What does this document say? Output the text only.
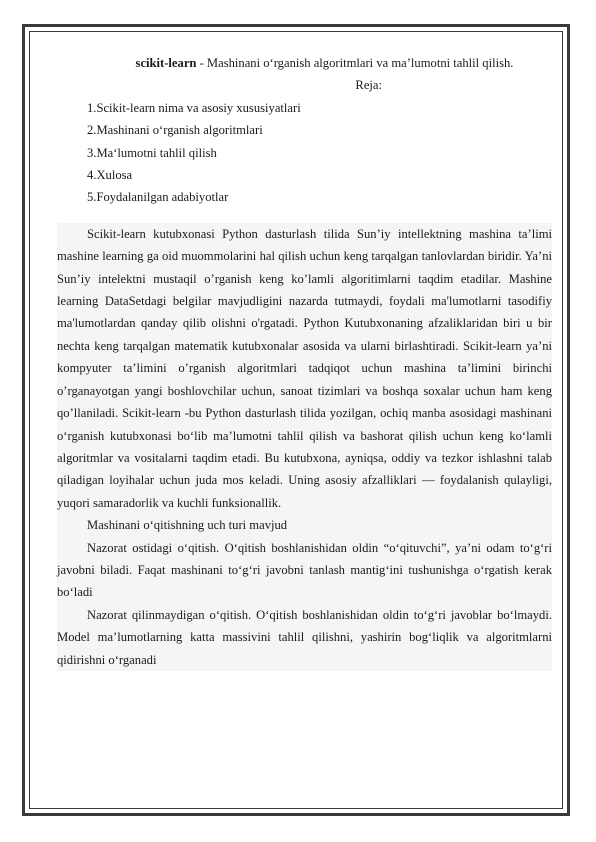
scikit-learn - Mashinani o‘rganish algoritmlari va ma’lumotni tahlil qilish.

Reja:

1.Scikit-learn nima va asosiy xususiyatlari

2.Mashinani o‘rganish algoritmlari

3.Ma‘lumotni tahlil qilish

4.Xulosa

5.Foydalanilgan adabiyotlar

Scikit-learn kutubxonasi Python dasturlash tilida Sun’iy intellektning mashina ta’limi mashine learning ga oid muommolarini hal qilish uchun keng tarqalgan tanlovlardan biridir. Ya’ni Sun’iy intelektni mustaqil o’rganish keng ko’lamli algoritimlarni taqdim etadilar. Mashine learning DataSetdagi belgilar mavjudligini nazarda tutmaydi, foydali ma'lumotlarni tasodifiy ma'lumotlardan qanday qilib olishni o'rgatadi. Python Kutubxonaning afzaliklaridan biri u bir nechta keng tarqalgan matematik kutubxonalar asosida va ularni birlashtiradi. Scikit-learn ya’ni kompyuter ta’limini o’rganish algoritmlari tadqiqot uchun mashina ta’limini birinchi o’rganayotgan yangi boshlovchilar uchun, sanoat tizimlari va boshqa soxalar uchun ham keng qo’llaniladi. Scikit-learn -bu Python dasturlash tilida yozilgan, ochiq manba asosidagi mashinani o‘rganish kutubxonasi bo‘lib ma’lumotni tahlil qilish va bashorat qilish uchun keng ko‘lamli algoritmlar va vositalarni taqdim etadi. Bu kutubxona, ayniqsa, oddiy va tezkor ishlashni talab qiladigan loyihalar uchun juda mos keladi. Uning asosiy afzalliklari — foydalanish qulayligi, yuqori samaradorlik va kuchli funksionallik.

Mashinani o‘qitishning uch turi mavjud

Nazorat ostidagi o‘qitish. O‘qitish boshlanishidan oldin “o‘qituvchi”, ya’ni odam to‘g‘ri javobni biladi. Faqat mashinani to‘g‘ri javobni tanlash mantig‘ini tushunishga o‘rgatish kerak bo‘ladi

Nazorat qilinmaydigan o‘qitish. O‘qitish boshlanishidan oldin to‘g‘ri javoblar bo‘lmaydi. Model ma’lumotlarning katta massivini tahlil qilishni, yashirin bog‘liqlik va algoritmlarni qidirishni o‘rganadi
